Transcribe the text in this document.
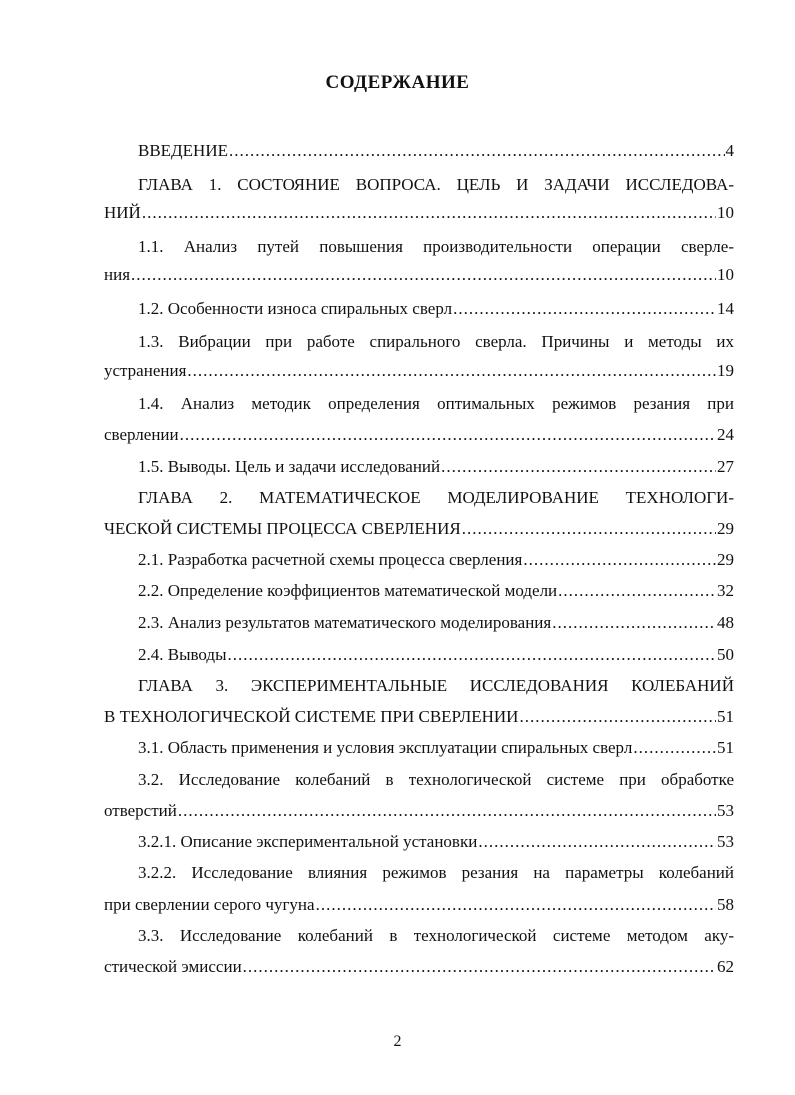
СОДЕРЖАНИЕ
ВВЕДЕНИЕ .....	4
ГЛАВА 1. СОСТОЯНИЕ ВОПРОСА. ЦЕЛЬ И ЗАДАЧИ ИССЛЕДОВА-
НИЙ .....	10
1.1. Анализ путей повышения производительности операции сверле-
ния .....	10
1.2. Особенности износа спиральных сверл .....	14
1.3. Вибрации при работе спирального сверла. Причины и методы их
устранения .....	19
1.4. Анализ методик определения оптимальных режимов резания при
сверлении .....	24
1.5. Выводы. Цель и задачи исследований .....	27
ГЛАВА 2. МАТЕМАТИЧЕСКОЕ МОДЕЛИРОВАНИЕ ТЕХНОЛОГИ-
ЧЕСКОЙ СИСТЕМЫ ПРОЦЕССА СВЕРЛЕНИЯ .....	29
2.1. Разработка расчетной схемы процесса сверления .....	29
2.2. Определение коэффициентов математической модели .....	32
2.3. Анализ результатов математического моделирования .....	48
2.4. Выводы .....	50
ГЛАВА 3. ЭКСПЕРИМЕНТАЛЬНЫЕ ИССЛЕДОВАНИЯ КОЛЕБАНИЙ
В ТЕХНОЛОГИЧЕСКОЙ СИСТЕМЕ ПРИ СВЕРЛЕНИИ .....	51
3.1. Область применения и условия эксплуатации спиральных сверл .....	51
3.2. Исследование колебаний в технологической системе при обработке
отверстий .....	53
3.2.1. Описание экспериментальной установки .....	53
3.2.2. Исследование влияния режимов резания на параметры колебаний
при сверлении серого чугуна .....	58
3.3. Исследование колебаний в технологической системе методом аку-
стической эмиссии .....	62
2
